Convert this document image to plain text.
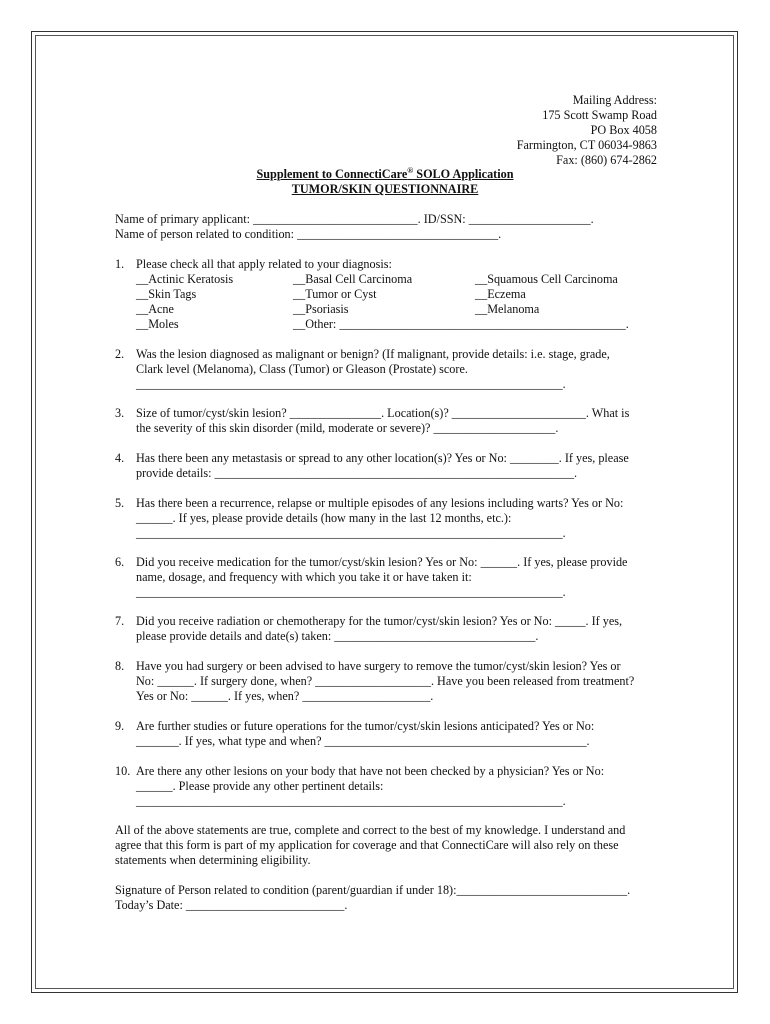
Mailing Address:
175 Scott Swamp Road
PO Box 4058
Farmington, CT 06034-9863
Fax: (860) 674-2862
Supplement to ConnectiCare® SOLO Application
TUMOR/SKIN QUESTIONNAIRE
Name of primary applicant: ___________________________. ID/SSN: ____________________.
Name of person related to condition: _________________________________.
1. Please check all that apply related to your diagnosis:
__Actinic Keratosis	__Basal Cell Carcinoma	__Squamous Cell Carcinoma
__Skin Tags	__Tumor or Cyst	__Eczema
__Acne	__Psoriasis	__Melanoma
__Moles	__Other: _______________________________________________.
2. Was the lesion diagnosed as malignant or benign? (If malignant, provide details: i.e. stage, grade,
Clark level (Melanoma), Class (Tumor) or Gleason (Prostate) score.
______________________________________________________________________.
3. Size of tumor/cyst/skin lesion? _______________. Location(s)? ______________________. What is
the severity of this skin disorder (mild, moderate or severe)? ____________________.
4. Has there been any metastasis or spread to any other location(s)? Yes or No: ________. If yes, please
provide details: ___________________________________________________________.
5. Has there been a recurrence, relapse or multiple episodes of any lesions including warts? Yes or No:
______. If yes, please provide details (how many in the last 12 months, etc.):
______________________________________________________________________.
6. Did you receive medication for the tumor/cyst/skin lesion? Yes or No: ______. If yes, please provide
name, dosage, and frequency with which you take it or have taken it:
______________________________________________________________________.
7. Did you receive radiation or chemotherapy for the tumor/cyst/skin lesion? Yes or No: _____. If yes,
please provide details and date(s) taken: _________________________________.
8. Have you had surgery or been advised to have surgery to remove the tumor/cyst/skin lesion? Yes or
No: ______. If surgery done, when? ___________________. Have you been released from treatment?
Yes or No: ______. If yes, when? _____________________.
9. Are further studies or future operations for the tumor/cyst/skin lesions anticipated? Yes or No:
_______. If yes, what type and when? ___________________________________________.
10. Are there any other lesions on your body that have not been checked by a physician? Yes or No:
______. Please provide any other pertinent details:
______________________________________________________________________.
All of the above statements are true, complete and correct to the best of my knowledge. I understand and
agree that this form is part of my application for coverage and that ConnectiCare will also rely on these
statements when determining eligibility.
Signature of Person related to condition (parent/guardian if under 18):____________________________.
Today’s Date: __________________________.
